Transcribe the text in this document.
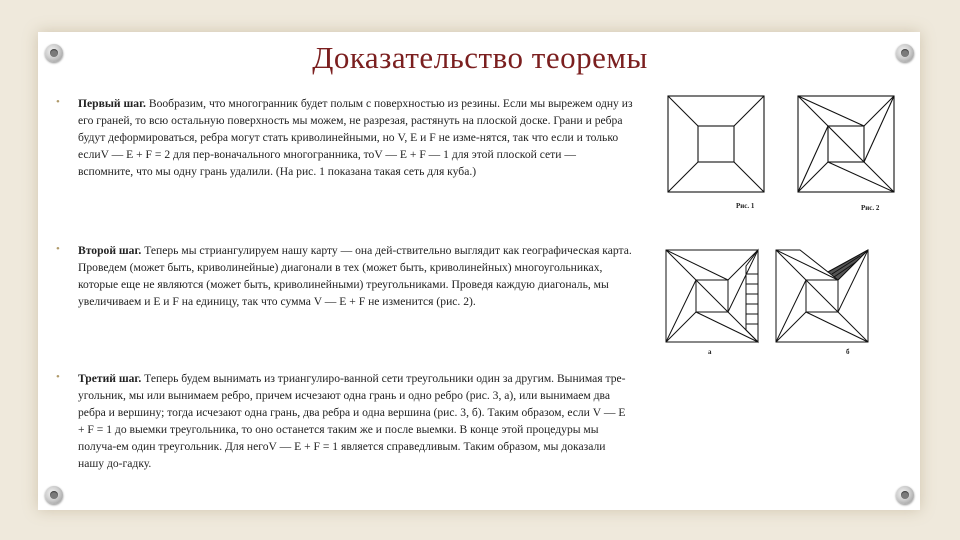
Доказательство теоремы
• Первый шаг. Вообразим, что многогранник будет полым с поверхностью из резины. Если мы вырежем одну из его граней, то всю остальную поверхность мы можем, не разрезая, растянуть на плоской доске. Грани и ребра будут деформироваться, ребра могут стать криволинейными, но V, E и F не изме-нятся, так что если и только еслиV — E + F = 2 для пер-воначального многогранника, тоV — E + F — 1 для этой плоской сети — вспомните, что мы одну грань удалили. (На рис. 1 показана такая сеть для куба.)
• Второй шаг. Теперь мы стриангулируем нашу карту — она дей-ствительно выглядит как географическая карта. Проведем (может быть, криволинейные) диагонали в тех (может быть, криволинейных) многоугольниках, которые еще не являются (может быть, криволинейными) треугольниками. Проведя каждую диагональ, мы увеличиваем и E и F на единицу, так что сумма V — E + F не изменится (рис. 2).
• Третий шаг. Теперь будем вынимать из триангулиро-ванной сети треугольники один за другим. Вынимая тре-угольник, мы или вынимаем ребро, причем исчезают одна грань и одно ребро (рис. 3, а), или вынимаем два ребра и вершину; тогда исчезают одна грань, два ребра и одна вершина (рис. 3, б). Таким образом, если V — E + F = 1 до выемки треугольника, то оно останется таким же и после выемки. В конце этой процедуры мы получа-ем один треугольник. Для негоV — E + F = 1 является справедливым. Таким образом, мы доказали нашу до-гадку.
Рис. 1	Рис. 2
а	б
